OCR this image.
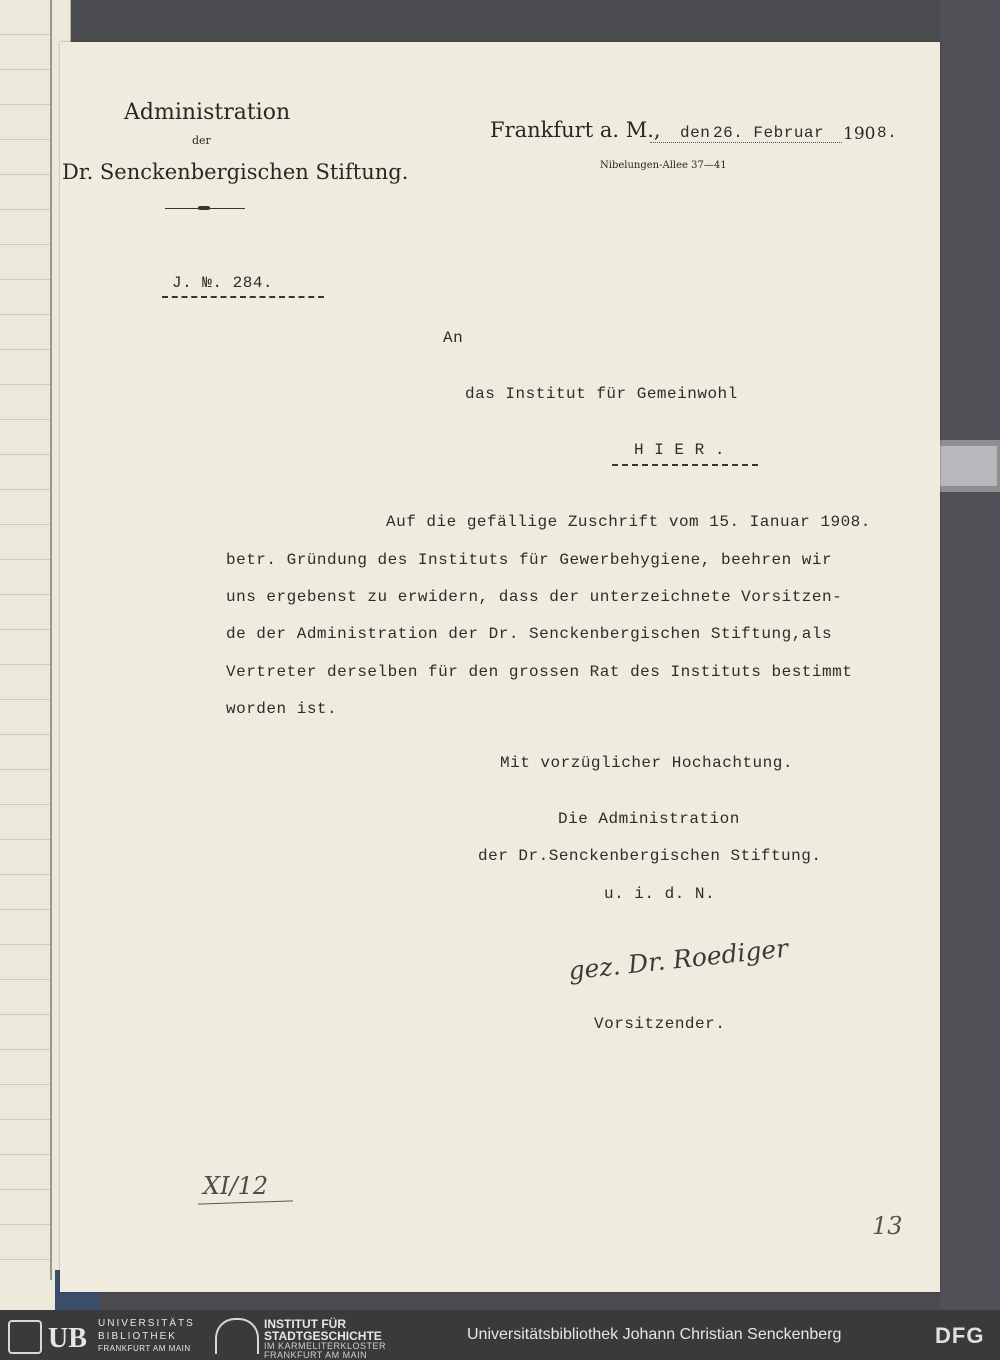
Administration
der
Dr. Senckenbergischen Stiftung.
Frankfurt a. M., den 26. Februar 190 8.
Nibelungen-Allee 37—41
J. №. 284.
An
das Institut für Gemeinwohl
H I E R .
Auf die gefällige Zuschrift vom 15. Ianuar 1908.
betr. Gründung des Instituts für Gewerbehygiene, beehren wir
uns ergebenst zu erwidern, dass der unterzeichnete Vorsitzen-
de der Administration der Dr. Senckenbergischen Stiftung,als
Vertreter derselben für den grossen Rat des Instituts bestimmt
worden ist.
Mit vorzüglicher Hochachtung.
Die Administration
der Dr.Senckenbergischen Stiftung.
u. i. d. N.
gez. Dr. Roediger
Vorsitzender.
XI/12
13
UB UNIVERSITÄTS
BIBLIOTHEK
FRANKFURT AM MAIN
INSTITUT FÜR
STADTGESCHICHTE
IM KARMELITERKLOSTER
FRANKFURT AM MAIN
Universitätsbibliothek Johann Christian Senckenberg	DFG
